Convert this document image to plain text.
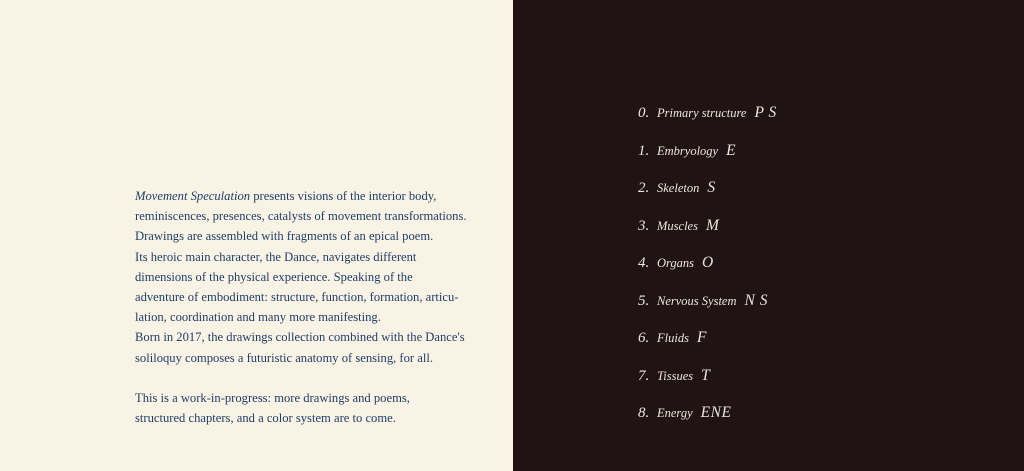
Movement Speculation presents visions of the interior body,

reminiscences, presences, catalysts of movement transformations.

Drawings are assembled with fragments of an epical poem.

Its heroic main character, the Dance, navigates different

dimensions of the physical experience. Speaking of the

adventure of embodiment: structure, function, formation, articu-

lation, coordination and many more manifesting.

Born in 2017, the drawings collection combined with the Dance's

soliloquy composes a futuristic anatomy of sensing, for all.

This is a work-in-progress: more drawings and poems,

structured chapters, and a color system are to come.

0. Primary structure P S
1. Embryology E
2. Skeleton S
3. Muscles M
4. Organs O
5. Nervous System N S
6. Fluids F
7. Tissues T
8. Energy ENE
